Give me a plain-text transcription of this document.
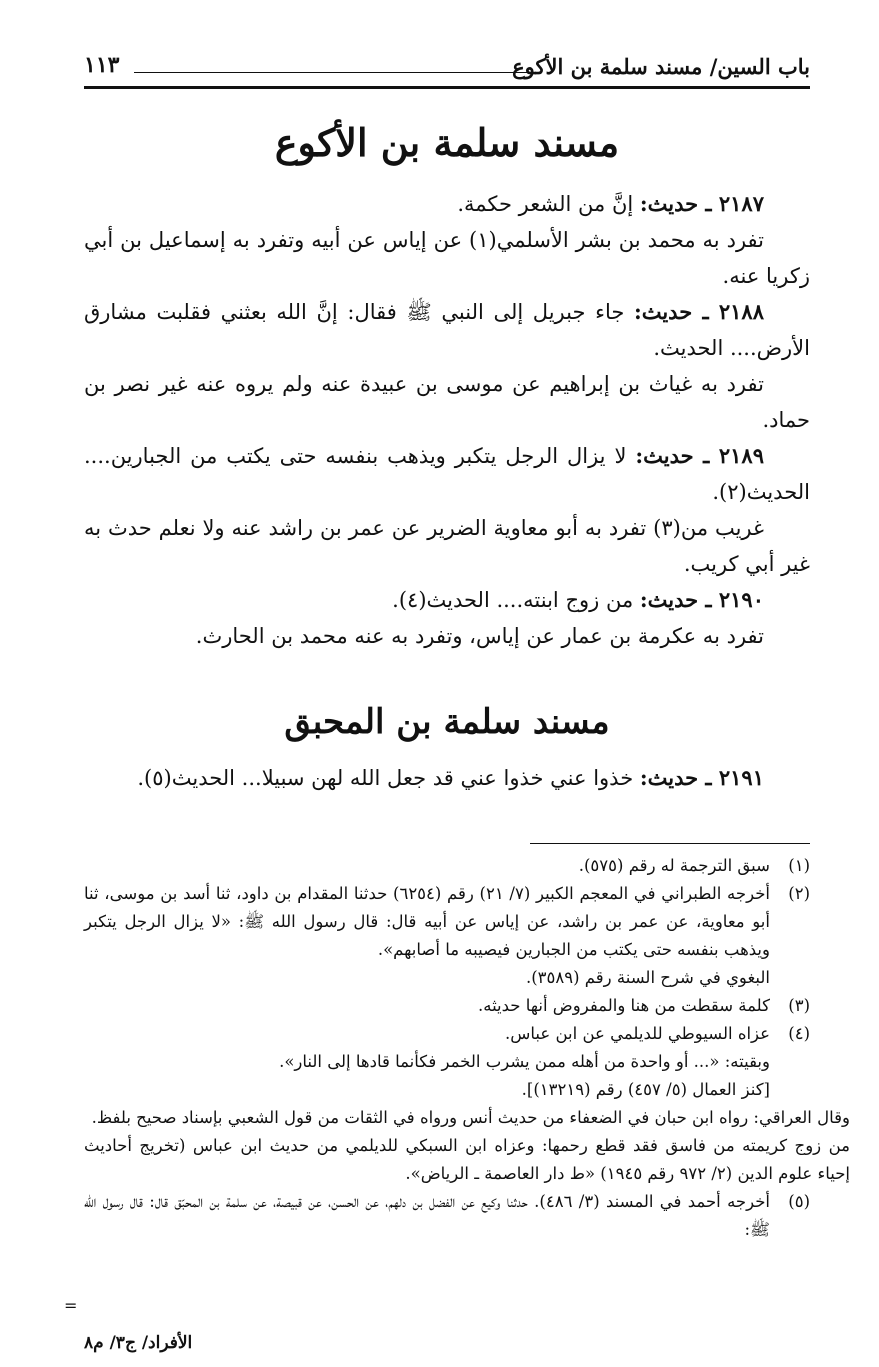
باب السين/ مسند سلمة بن الأكوع
١١٣
مسند سلمة بن الأكوع

٢١٨٧ ـ حديث: إنَّ من الشعر حكمة.

تفرد به محمد بن بشر الأسلمي(١) عن إياس عن أبيه وتفرد به إسماعيل بن أبي زكريا عنه.

٢١٨٨ ـ حديث: جاء جبريل إلى النبي ﷺ فقال: إنَّ الله بعثني فقلبت مشارق الأرض.... الحديث.

تفرد به غياث بن إبراهيم عن موسى بن عبيدة عنه ولم يروه عنه غير نصر بن حماد.

٢١٨٩ ـ حديث: لا يزال الرجل يتكبر ويذهب بنفسه حتى يكتب من الجبارين.... الحديث(٢).

غريب من(٣) تفرد به أبو معاوية الضرير عن عمر بن راشد عنه ولا نعلم حدث به غير أبي كريب.

٢١٩٠ ـ حديث: من زوج ابنته.... الحديث(٤).

تفرد به عكرمة بن عمار عن إياس، وتفرد به عنه محمد بن الحارث.

مسند سلمة بن المحبق

٢١٩١ ـ حديث: خذوا عني خذوا عني قد جعل الله لهن سبيلا... الحديث(٥).

(١)

سبق الترجمة له رقم (٥٧٥).

(٢)

أخرجه الطبراني في المعجم الكبير (٧/ ٢١) رقم (٦٢٥٤) حدثنا المقدام بن داود، ثنا أسد بن موسى، ثنا أبو معاوية، عن عمر بن راشد، عن إياس عن أبيه قال: قال رسول الله ﷺ: «لا يزال الرجل يتكبر ويذهب بنفسه حتى يكتب من الجبارين فيصيبه ما أصابهم».

البغوي في شرح السنة رقم (٣٥٨٩).

(٣)

كلمة سقطت من هنا والمفروض أنها حديثه.

(٤)

عزاه السيوطي للديلمي عن ابن عباس.

وبقيته: «... أو واحدة من أهله ممن يشرب الخمر فكأنما قادها إلى النار».

[كنز العمال (٥/ ٤٥٧) رقم (١٣٢١٩)].

وقال العراقي: رواه ابن حبان في الضعفاء من حديث أنس ورواه في الثقات من قول الشعبي بإسناد صحيح بلفظ.

من زوج كريمته من فاسق فقد قطع رحمها: وعزاه ابن السبكي للديلمي من حديث ابن عباس (تخريج أحاديث إحياء علوم الدين (٢/ ٩٧٢ رقم ١٩٤٥) «ط دار العاصمة ـ الرياض».

(٥)

أخرجه أحمد في المسند (٣/ ٤٨٦). حدثنا وكيع عن الفضل بن دلهم، عن الحسن، عن قبيصة، عن سلمة بن المحبّق قال: قال رسول الله ﷺ:

=
الأفراد/ ج٣/ م٨
